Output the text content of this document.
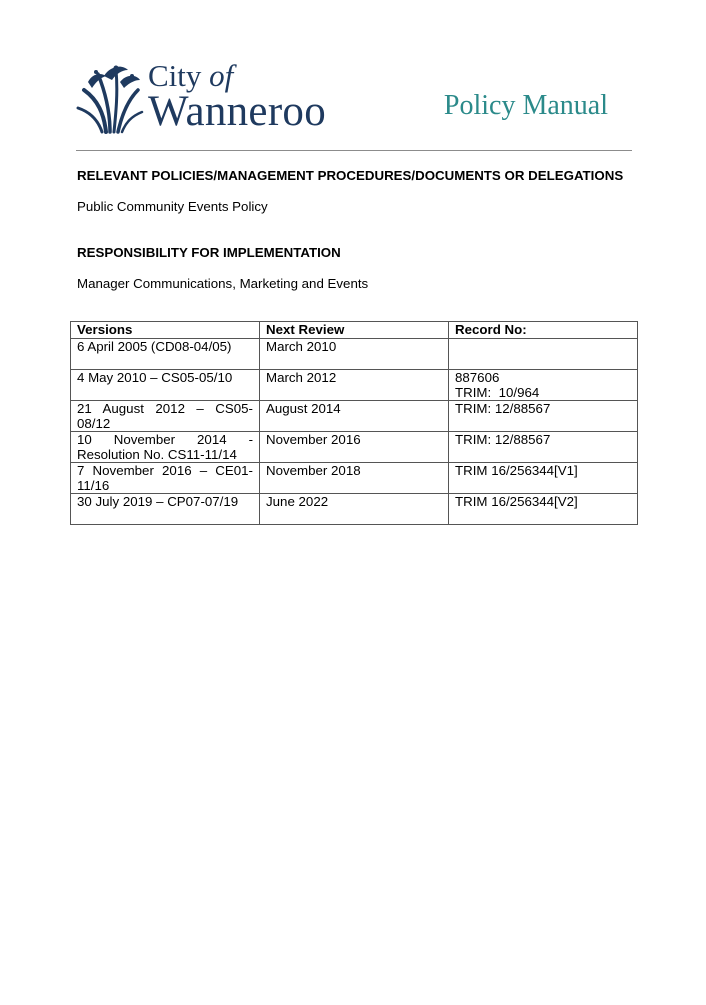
City of
Wanneroo	Policy Manual
RELEVANT POLICIES/MANAGEMENT PROCEDURES/DOCUMENTS OR DELEGATIONS
Public Community Events Policy
RESPONSIBILITY FOR IMPLEMENTATION
Manager Communications, Marketing and Events
Versions	Next Review	Record No:
6 April 2005 (CD08-04/05)	March 2010	
4 May 2010 – CS05-05/10	March 2012	887606
TRIM:  10/964

21 August 2012 – CS05- 08/12	August 2014	TRIM: 12/88567
10 November 2014 - Resolution No. CS11-11/14	November 2016	TRIM: 12/88567
7 November 2016 – CE01- 11/16	November 2018	TRIM 16/256344[V1]
30 July 2019 – CP07-07/19	June 2022	TRIM 16/256344[V2]
